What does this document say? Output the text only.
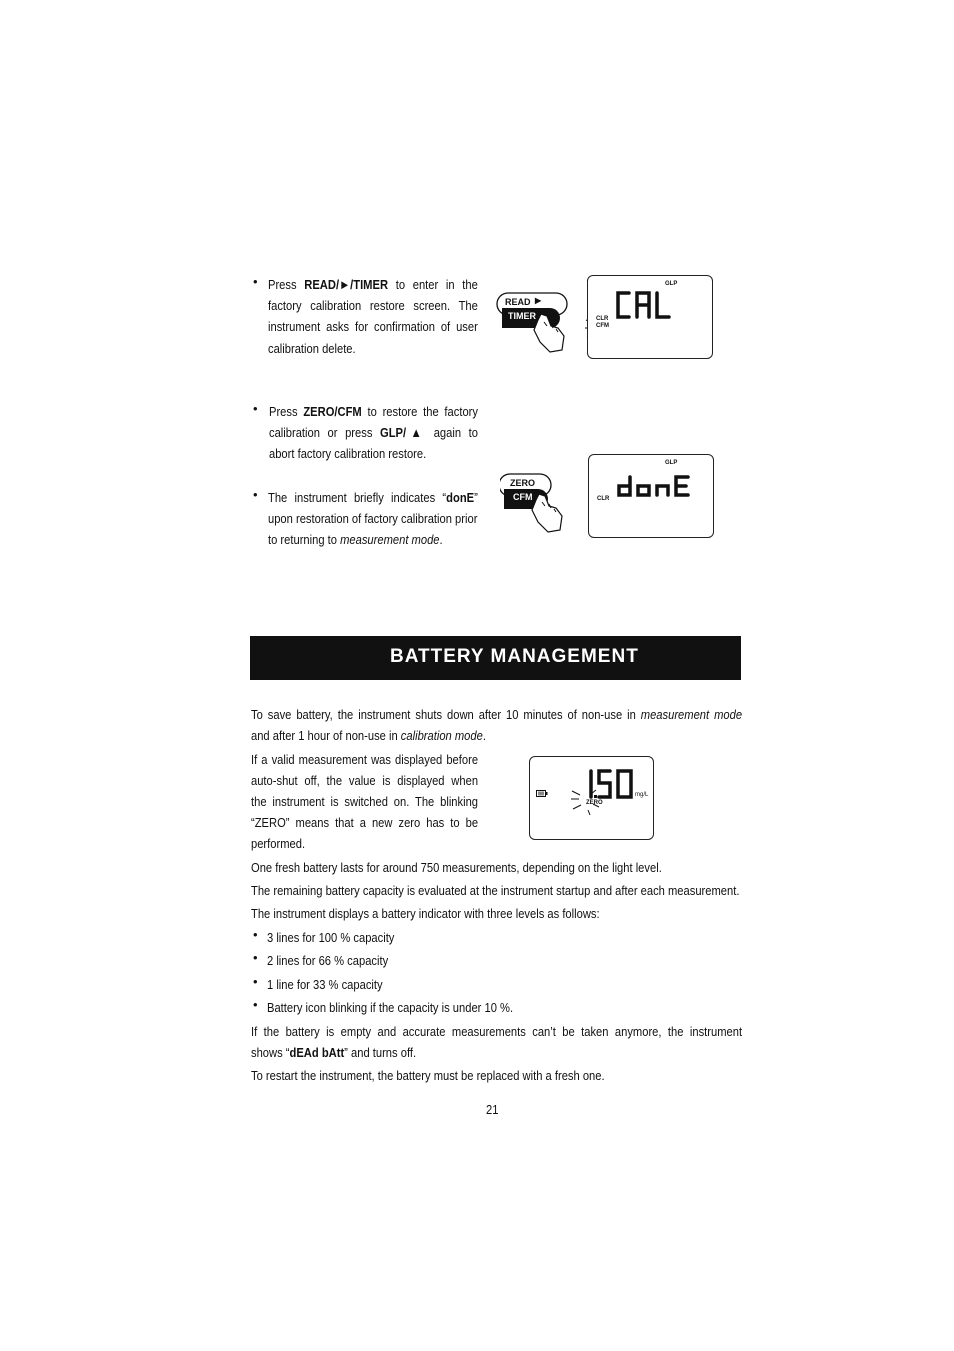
• Press READ/►/TIMER to enter in the
factory calibration restore screen. The
instrument asks for confirmation of user
calibration delete.
• Press ZERO/CFM to restore the factory
calibration or press GLP/▲ again to
abort factory calibration restore.
• The instrument briefly indicates “donE”
upon restoration of factory calibration prior
to returning to measurement mode.
READ ▶
TIMER
GLP
CLR
CFM
ZERO
CFM
GLP
CLR
BATTERY MANAGEMENT
To save battery, the instrument shuts down after 10 minutes of non-use in measurement mode
and after 1 hour of non-use in calibration mode.
If a valid measurement was displayed before
auto-shut off, the value is displayed when
the instrument is switched on. The blinking
“ZERO” means that a new zero has to be
performed.
ZERO
mg/L
One fresh battery lasts for around 750 measurements, depending on the light level.
The remaining battery capacity is evaluated at the instrument startup and after each measurement.
The instrument displays a battery indicator with three levels as follows:
• 3 lines for 100 % capacity
• 2 lines for 66 % capacity
• 1 line for 33 % capacity
• Battery icon blinking if the capacity is under 10 %.
If the battery is empty and accurate measurements can’t be taken anymore, the instrument
shows “dEAd bAtt” and turns off.
To restart the instrument, the battery must be replaced with a fresh one.
21
